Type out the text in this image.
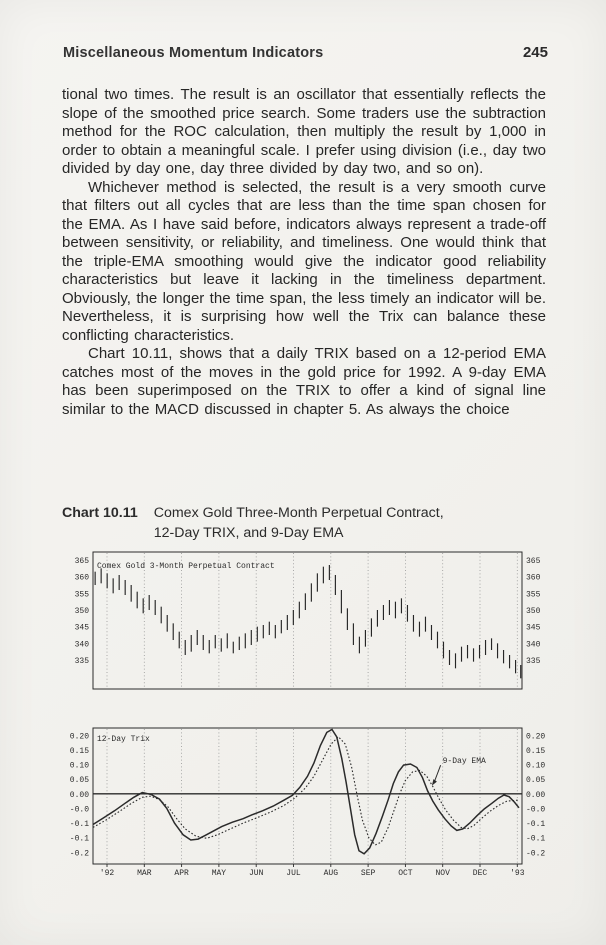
Miscellaneous Momentum Indicators	245

tional two times. The result is an oscillator that essentially reflects the slope of the smoothed price search. Some traders use the subtraction method for the ROC calculation, then multiply the result by 1,000 in order to obtain a meaningful scale. I prefer using division (i.e., day two divided by day one, day three divided by day two, and so on).

Whichever method is selected, the result is a very smooth curve that filters out all cycles that are less than the time span chosen for the EMA. As I have said before, indicators always represent a trade-off between sensitivity, or reliability, and timeliness. One would think that the triple-EMA smoothing would give the indicator good reliability characteristics but leave it lacking in the timeliness department. Obviously, the longer the time span, the less timely an indicator will be. Nevertheless, it is surprising how well the Trix can balance these conflicting characteristics.

Chart 10.11, shows that a daily TRIX based on a 12-period EMA catches most of the moves in the gold price for 1992. A 9-day EMA has been superimposed on the TRIX to offer a kind of signal line similar to the MACD discussed in chapter 5. As always the choice

Chart 10.11 Comex Gold Three-Month Perpetual Contract,
12-Day TRIX, and 9-Day EMA
'92	MAR	APR	MAY	JUN	JUL	AUG	SEP	OCT	NOV	DEC	'93
365	365
360	360
355	355
350	350
345	345
340	340
335	335
0.20	0.20
0.15	0.15
0.10	0.10
0.05	0.05
0.00	0.00
-0.0	-0.0
-0.1	-0.1
-0.1	-0.1
-0.2	-0.2
Comex Gold 3-Month Perpetual Contract
12-Day Trix
9-Day EMA
